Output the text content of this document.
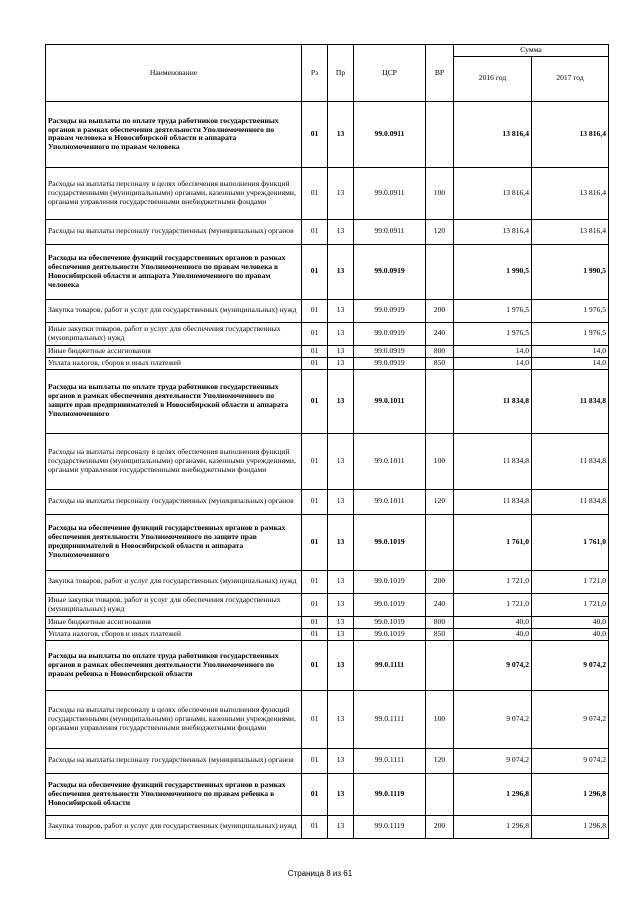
Наименование	Рз	Пр	ЦСР	ВР	Сумма	
					2016 год	2017 год
Расходы на выплаты по оплате труда работников государственных органов в рамках обеспечения деятельности Уполномоченного по правам человека в Новосибирской области и аппарата Уполномоченного по правам человека	01	13	99.0.0911		13 816,4	13 816,4
Расходы на выплаты персоналу в целях обеспечения выполнения функций государственными (муниципальными) органами, казенными учреждениями, органами управления государственными внебюджетными фондами	01	13	99.0.0911	100	13 816,4	13 816,4
Расходы на выплаты персоналу государственных (муниципальных) органов	01	13	99.0.0911	120	13 816,4	13 816,4
Расходы на обеспечение функций государственных органов в рамках обеспечения деятельности Уполномоченного по правам человека в Новосибирской области и аппарата Уполномоченного по правам человека	01	13	99.0.0919		1 990,5	1 990,5
Закупка товаров, работ и услуг для государственных (муниципальных) нужд	01	13	99.0.0919	200	1 976,5	1 976,5
Иные закупки товаров, работ и услуг для обеспечения государственных (муниципальных) нужд	01	13	99.0.0919	240	1 976,5	1 976,5
Иные бюджетные ассигнования	01	13	99.0.0919	800	14,0	14,0
Уплата налогов, сборов и иных платежей	01	13	99.0.0919	850	14,0	14,0
Расходы на выплаты по оплате труда работников государственных органов в рамках обеспечения деятельности Уполномоченного по защите прав предпринимателей в Новосибирской области и аппарата Уполномоченного	01	13	99.0.1011		11 834,8	11 834,8
Расходы на выплаты персоналу в целях обеспечения выполнения функций государственными (муниципальными) органами, казенными учреждениями, органами управления государственными внебюджетными фондами	01	13	99.0.1011	100	11 834,8	11 834,8
Расходы на выплаты персоналу государственных (муниципальных) органов	01	13	99.0.1011	120	11 834,8	11 834,8
Расходы на обеспечение функций государственных органов в рамках обеспечения деятельности Уполномоченного по защите прав предпринимателей в Новосибирской области и аппарата Уполномоченного	01	13	99.0.1019		1 761,0	1 761,0
Закупка товаров, работ и услуг для государственных (муниципальных) нужд	01	13	99.0.1019	200	1 721,0	1 721,0
Иные закупки товаров, работ и услуг для обеспечения государственных (муниципальных) нужд	01	13	99.0.1019	240	1 721,0	1 721,0
Иные бюджетные ассигнования	01	13	99.0.1019	800	40,0	40,0
Уплата налогов, сборов и иных платежей	01	13	99.0.1019	850	40,0	40,0
Расходы на выплаты по оплате труда работников государственных органов в рамках обеспечения деятельности Уполномоченного по правам ребенка в Новосибирской области	01	13	99.0.1111		9 074,2	9 074,2
Расходы на выплаты персоналу в целях обеспечения выполнения функций государственными (муниципальными) органами, казенными учреждениями, органами управления государственными внебюджетными фондами	01	13	99.0.1111	100	9 074,2	9 074,2
Расходы на выплаты персоналу государственных (муниципальных) органов	01	13	99.0.1111	120	9 074,2	9 074,2
Расходы на обеспечение функций государственных органов в рамках обеспечения деятельности Уполномоченного по правам ребенка в Новосибирской области	01	13	99.0.1119		1 296,8	1 296,8
Закупка товаров, работ и услуг для государственных (муниципальных) нужд	01	13	99.0.1119	200	1 296,8	1 296,8
Страница 8 из 61
